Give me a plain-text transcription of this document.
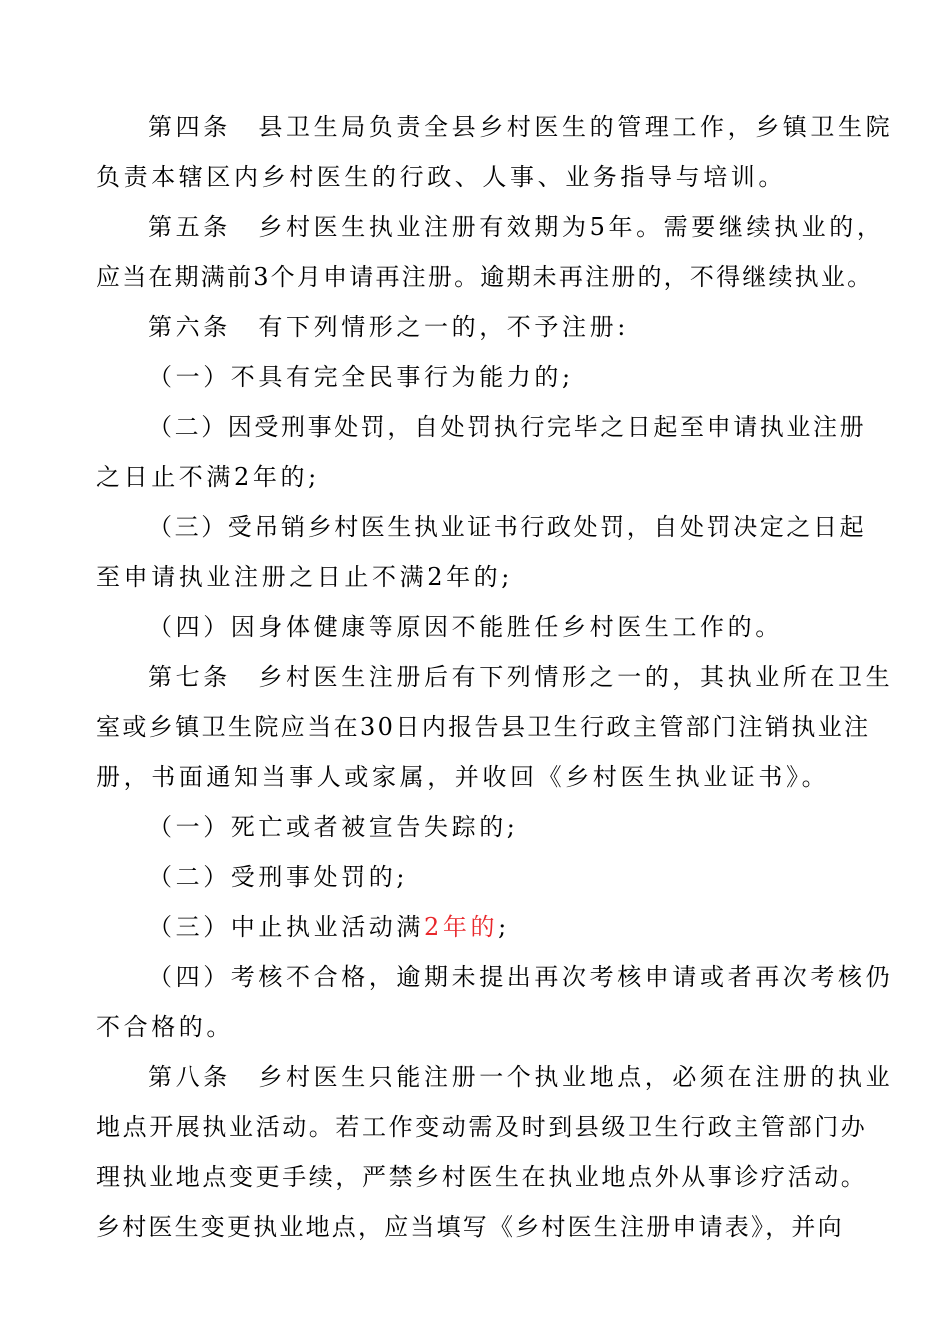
第四条　县卫生局负责全县乡村医生的管理工作，乡镇卫生院
负责本辖区内乡村医生的行政、人事、业务指导与培训。
第五条　乡村医生执业注册有效期为5年。需要继续执业的，
应当在期满前3个月申请再注册。逾期未再注册的，不得继续执业。
第六条　有下列情形之一的，不予注册:
（一）不具有完全民事行为能力的;
（二）因受刑事处罚，自处罚执行完毕之日起至申请执业注册
之日止不满2年的;
（三）受吊销乡村医生执业证书行政处罚，自处罚决定之日起
至申请执业注册之日止不满2年的;
（四）因身体健康等原因不能胜任乡村医生工作的。
第七条　乡村医生注册后有下列情形之一的，其执业所在卫生
室或乡镇卫生院应当在30日内报告县卫生行政主管部门注销执业注
册，书面通知当事人或家属，并收回《乡村医生执业证书》。
（一）死亡或者被宣告失踪的;
（二）受刑事处罚的;
（三）中止执业活动满2年的;
（四）考核不合格，逾期未提出再次考核申请或者再次考核仍
不合格的。
第八条　乡村医生只能注册一个执业地点，必须在注册的执业
地点开展执业活动。若工作变动需及时到县级卫生行政主管部门办
理执业地点变更手续，严禁乡村医生在执业地点外从事诊疗活动。
乡村医生变更执业地点，应当填写《乡村医生注册申请表》，并向
